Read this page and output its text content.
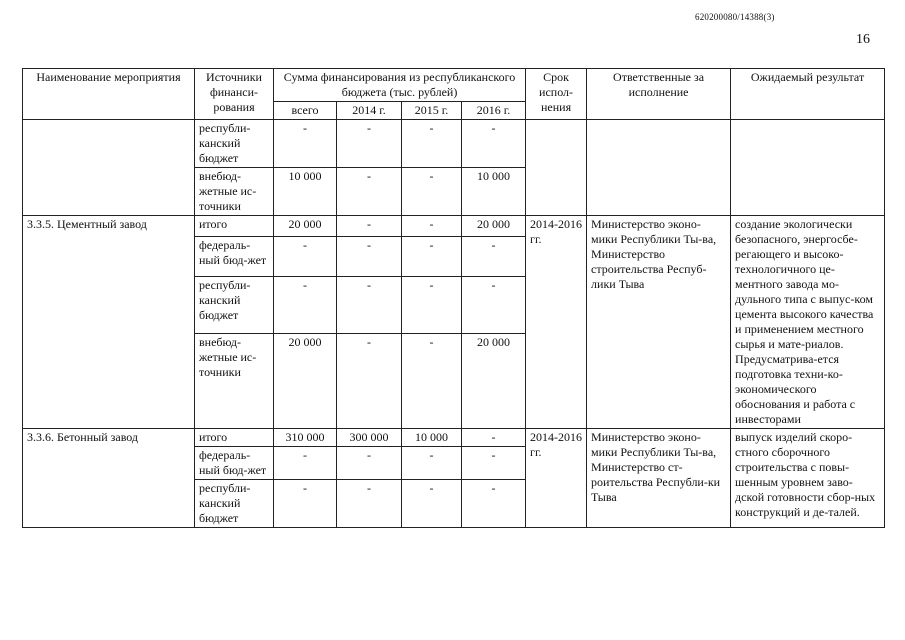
620200080/14388(3)
16
Наименование мероприятия	Источники финанси-рования	Сумма финансирования из республиканского бюджета (тыс. рублей)				Срок испол-нения	Ответственные за исполнение	Ожидаемый результат
		всего	2014 г.	2015 г.	2016 г.			
	республи-канский бюджет	-	-	-	-			
	внебюд-жетные ис-точники	10 000	-	-	10 000			
3.3.5. Цементный завод	итого	20 000	-	-	20 000	2014-2016 гг.	Министерство эконо-мики Республики Ты-ва, Министерство строительства Респуб-лики Тыва	создание экологически безопасного, энергосбе-регающего и высоко-технологичного це-ментного завода мо-дульного типа с выпус-ком цемента высокого качества и применением местного сырья и мате-риалов. Предусматрива-ется подготовка техни-ко-экономического обоснования и работа с инвесторами
	федераль-ный бюд-жет	-	-	-	-			
	республи-канский бюджет	-	-	-	-			
	внебюд-жетные ис-точники	20 000	-	-	20 000			
3.3.6. Бетонный завод	итого	310 000	300 000	10 000	-	2014-2016 гг.	Министерство эконо-мики Республики Ты-ва, Министерство ст-роительства Республи-ки Тыва	выпуск изделий скоро-стного сборочного строительства с повы-шенным уровнем заво-дской готовности сбор-ных конструкций и де-талей.
	федераль-ный бюд-жет	-	-	-	-			
	республи-канский бюджет	-	-	-	-			
